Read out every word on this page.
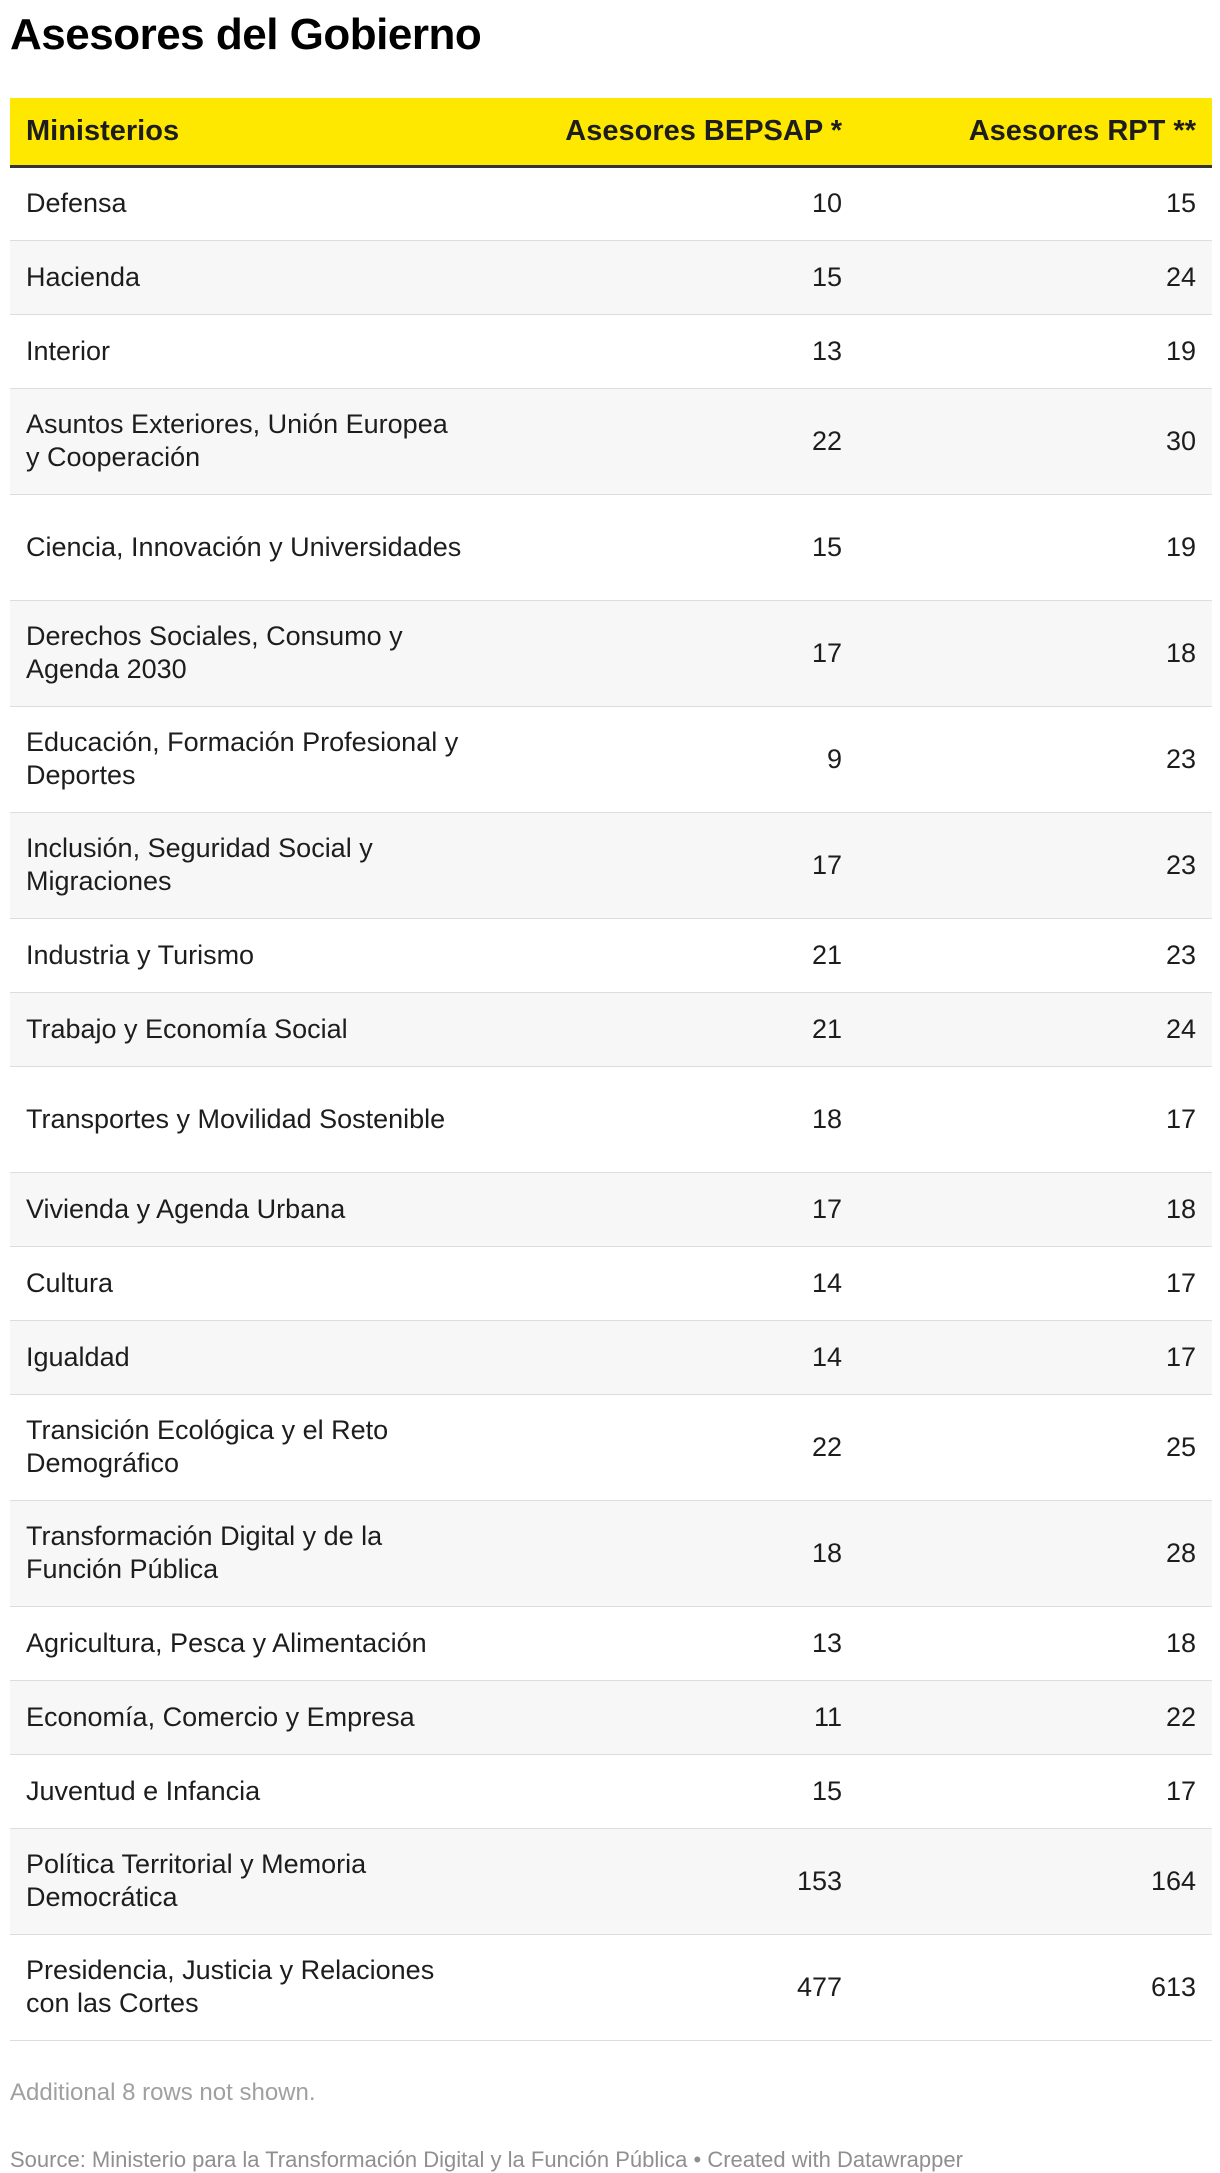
Asesores del Gobierno
Ministerios	Asesores BEPSAP *	Asesores RPT **
Defensa	10	15
Hacienda	15	24
Interior	13	19
Asuntos Exteriores, Unión Europea y Cooperación	22	30
Ciencia, Innovación y Universidades	15	19
Derechos Sociales, Consumo y Agenda 2030	17	18
Educación, Formación Profesional y Deportes	9	23
Inclusión, Seguridad Social y Migraciones	17	23
Industria y Turismo	21	23
Trabajo y Economía Social	21	24
Transportes y Movilidad Sostenible	18	17
Vivienda y Agenda Urbana	17	18
Cultura	14	17
Igualdad	14	17
Transición Ecológica y el Reto Demográfico	22	25
Transformación Digital y de la Función Pública	18	28
Agricultura, Pesca y Alimentación	13	18
Economía, Comercio y Empresa	11	22
Juventud e Infancia	15	17
Política Territorial y Memoria Democrática	153	164
Presidencia, Justicia y Relaciones con las Cortes	477	613
Additional 8 rows not shown.
Source: Ministerio para la Transformación Digital y la Función Pública • Created with Datawrapper
